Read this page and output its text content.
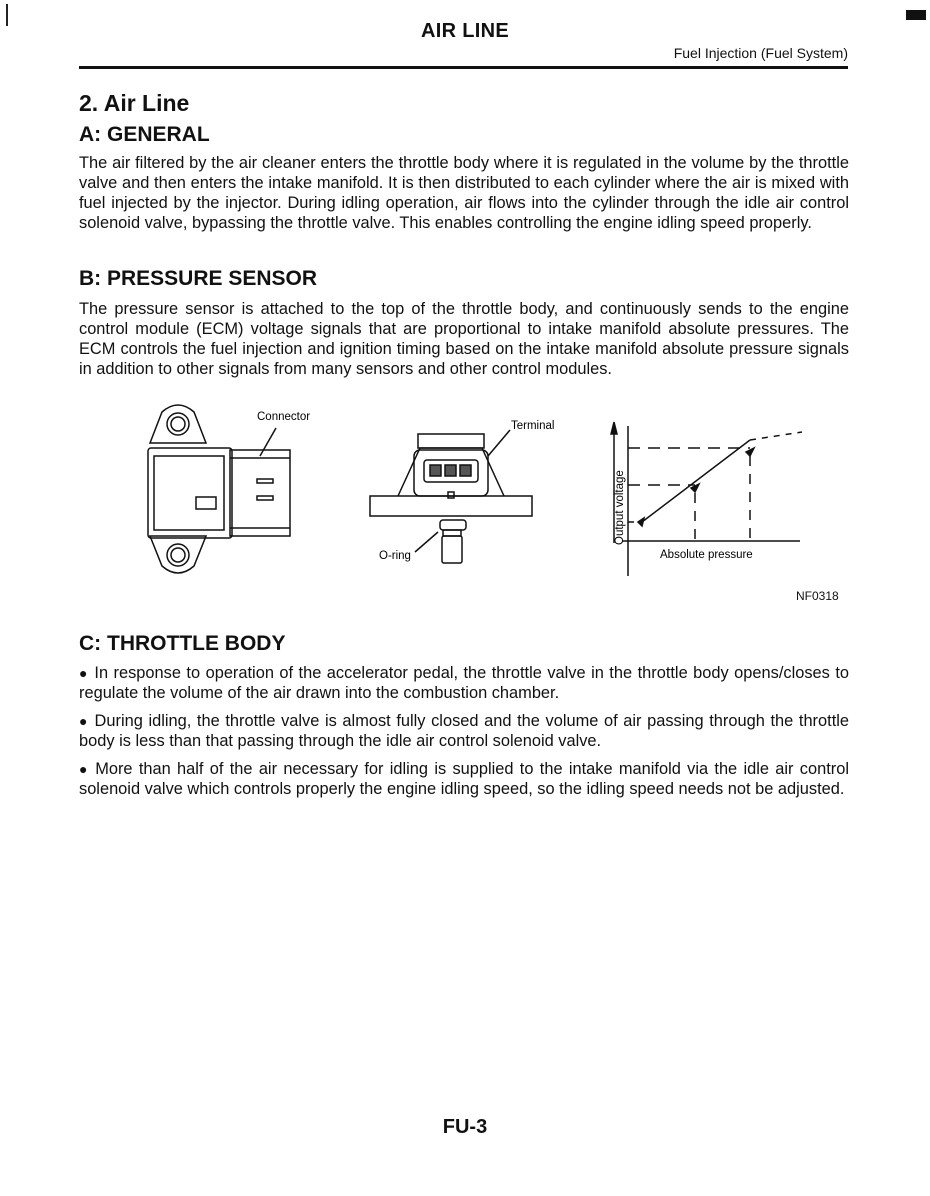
AIR LINE
Fuel Injection (Fuel System)
2. Air Line
A: GENERAL
The air filtered by the air cleaner enters the throttle body where it is regulated in the volume by the throttle valve and then enters the intake manifold. It is then distributed to each cylinder where the air is mixed with fuel injected by the injector. During idling operation, air flows into the cylinder through the idle air control solenoid valve, bypassing the throttle valve. This enables controlling the engine idling speed properly.
B: PRESSURE SENSOR
The pressure sensor is attached to the top of the throttle body, and continuously sends to the engine control module (ECM) voltage signals that are proportional to intake manifold absolute pressures. The ECM controls the fuel injection and ignition timing based on the intake manifold absolute pressure signals in addition to other signals from many sensors and other control modules.
Connector
Terminal
O-ring
Output voltage
Absolute pressure
NF0318
C: THROTTLE BODY
● In response to operation of the accelerator pedal, the throttle valve in the throttle body opens/closes to regulate the volume of the air drawn into the combustion chamber.
● During idling, the throttle valve is almost fully closed and the volume of air passing through the throttle body is less than that passing through the idle air control solenoid valve.
● More than half of the air necessary for idling is supplied to the intake manifold via the idle air control solenoid valve which controls properly the engine idling speed, so the idling speed needs not be adjusted.
FU-3
